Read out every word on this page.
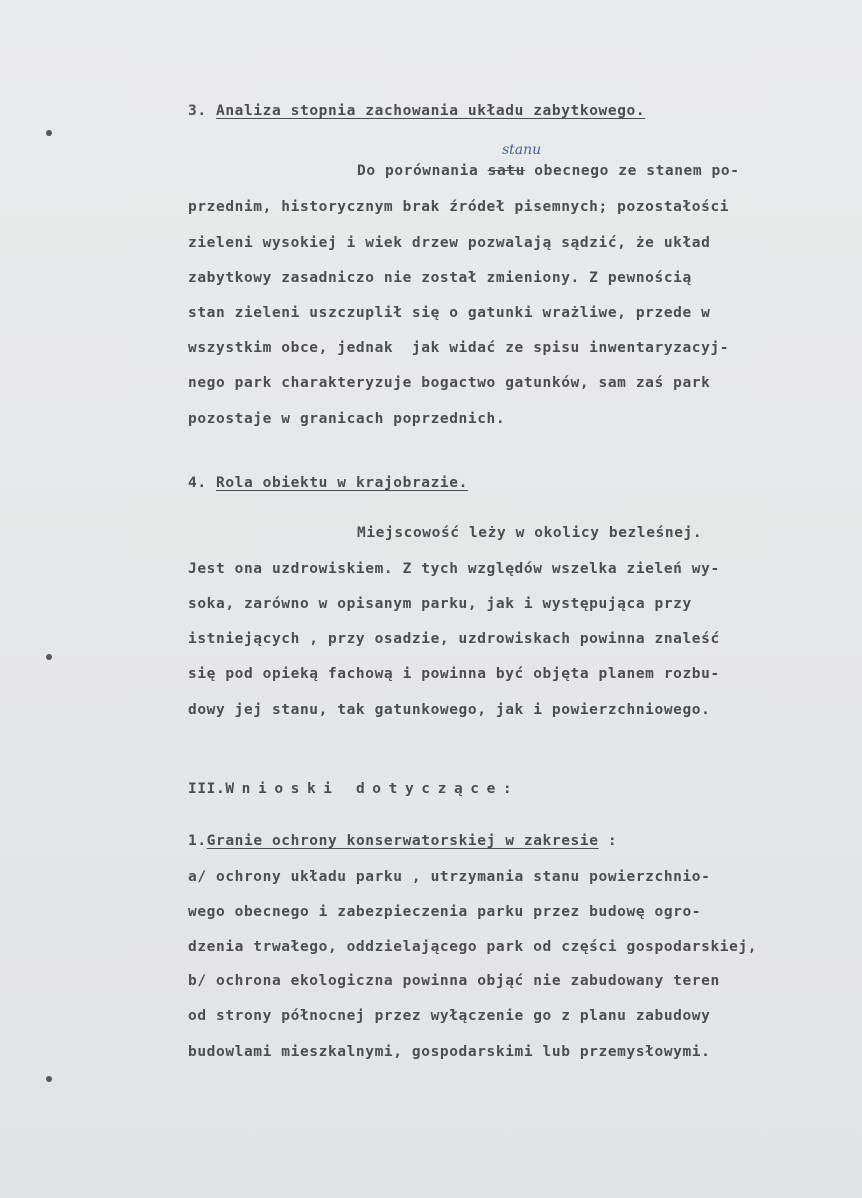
3. Analiza stopnia zachowania układu zabytkowego.

stanu

Do porównania satu obecnego ze stanem po-

przednim, historycznym brak źródeł pisemnych; pozostałości

zieleni wysokiej i wiek drzew pozwalają sądzić, że układ

zabytkowy zasadniczo nie został zmieniony. Z pewnością

stan zieleni uszczuplił się o gatunki wrażliwe, przede w

wszystkim obce, jednak  jak widać ze spisu inwentaryzacyj-

nego park charakteryzuje bogactwo gatunków, sam zaś park

pozostaje w granicach poprzednich.

4. Rola obiektu w krajobrazie.

Miejscowość leży w okolicy bezleśnej.

Jest ona uzdrowiskiem. Z tych względów wszelka zieleń wy-

soka, zarówno w opisanym parku, jak i występująca przy

istniejących , przy osadzie, uzdrowiskach powinna znaleść

się pod opieką fachową i powinna być objęta planem rozbu-

dowy jej stanu, tak gatunkowego, jak i powierzchniowego.

III.Wnioski dotyczące:

1.Granie ochrony konserwatorskiej w zakresie :

a/ ochrony układu parku , utrzymania stanu powierzchnio-

wego obecnego i zabezpieczenia parku przez budowę ogro-

dzenia trwałego, oddzielającego park od części gospodarskiej,

b/ ochrona ekologiczna powinna objąć nie zabudowany teren

od strony północnej przez wyłączenie go z planu zabudowy

budowlami mieszkalnymi, gospodarskimi lub przemysłowymi.
